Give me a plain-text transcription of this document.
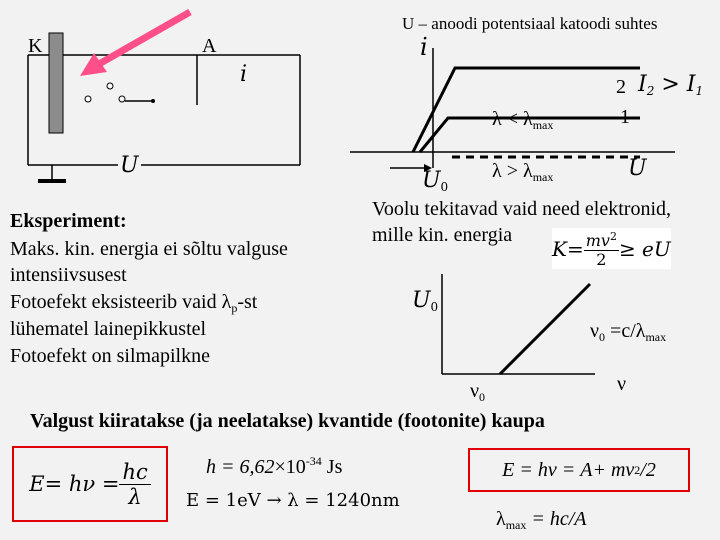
K	A
i
U
U – anoodi potentsiaal katoodi suhtes
i
2 $I_2 > I_1$
1
$\lambda < \lambda_{max}$
$\lambda > \lambda_{max}$	U
$U_0$
Eksperiment:
Maks. kin. energia ei sõltu valguse
intensiivsusest
Fotoefekt eksisteerib vaid $\lambda_p-st$
lühematel lainepikkustel
Fotoefekt on silmapilkne
Voolu tekitavad vaid need elektronid,
mille kin. energia
$K = \frac{mv^2}{2}$ ≥ eU
$U_0$
$\nu_0 =c/\lambda_{max}$
$\nu_0$
ν
Valgust kiiratakse (ja neelatakse) kvantide (footonite) kaupa
$E = h\nu = \frac{hc}{\lambda}$	$h = 6,62\times 10^{-34}$ Js	E = hν = A+ mv 2 /2
E = 1eV → λ = 1240nm
$\lambda_{max} = hc/A$
